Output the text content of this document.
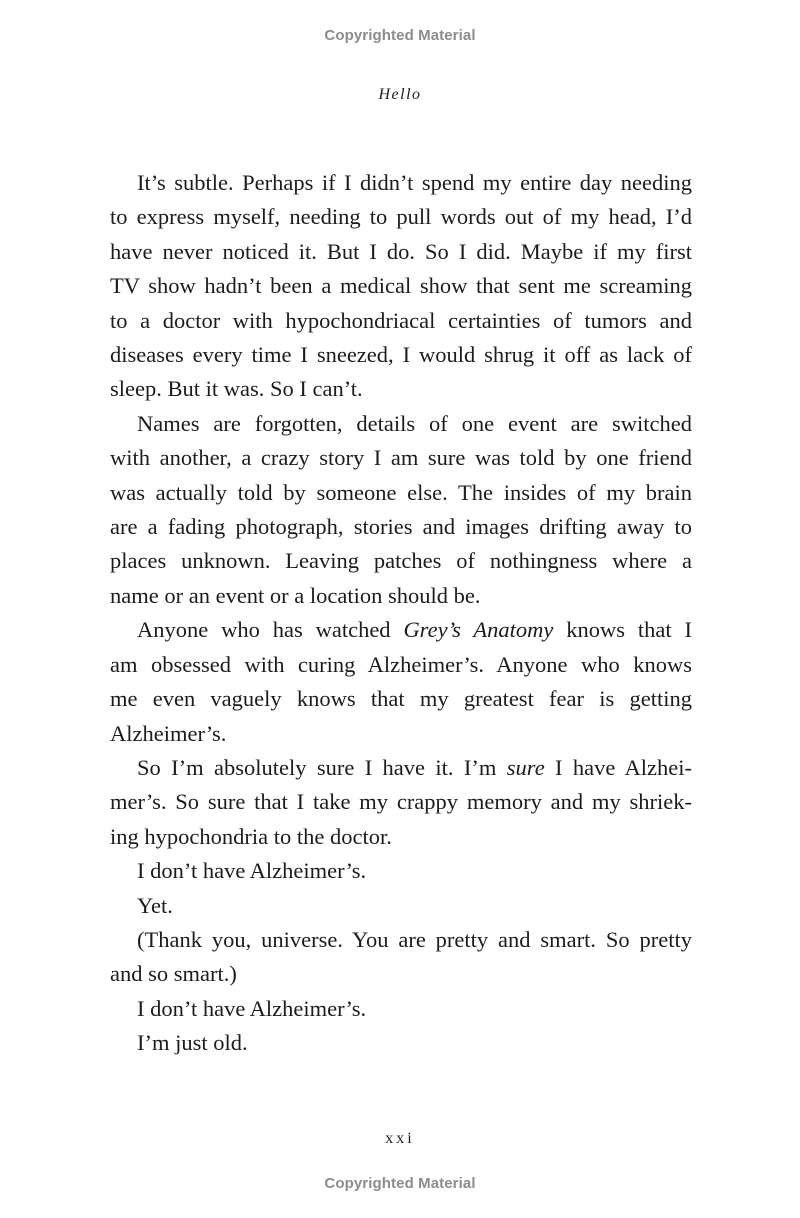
Copyrighted Material
Hello

It’s subtle. Perhaps if I didn’t spend my entire day needing
to express myself, needing to pull words out of my head, I’d
have never noticed it. But I do. So I did. Maybe if my first
TV show hadn’t been a medical show that sent me screaming
to a doctor with hypochondriacal certainties of tumors and
diseases every time I sneezed, I would shrug it off as lack of
sleep. But it was. So I can’t.

Names are forgotten, details of one event are switched
with another, a crazy story I am sure was told by one friend
was actually told by someone else. The insides of my brain
are a fading photograph, stories and images drifting away to
places unknown. Leaving patches of nothingness where a
name or an event or a location should be.

Anyone who has watched Grey’s Anatomy knows that I
am obsessed with curing Alzheimer’s. Anyone who knows
me even vaguely knows that my greatest fear is getting
Alzheimer’s.

So I’m absolutely sure I have it. I’m sure I have Alzhei-
mer’s. So sure that I take my crappy memory and my shriek-
ing hypochondria to the doctor.

I don’t have Alzheimer’s.

Yet.

(Thank you, universe. You are pretty and smart. So pretty
and so smart.)

I don’t have Alzheimer’s.

I’m just old.

xxi
Copyrighted Material
